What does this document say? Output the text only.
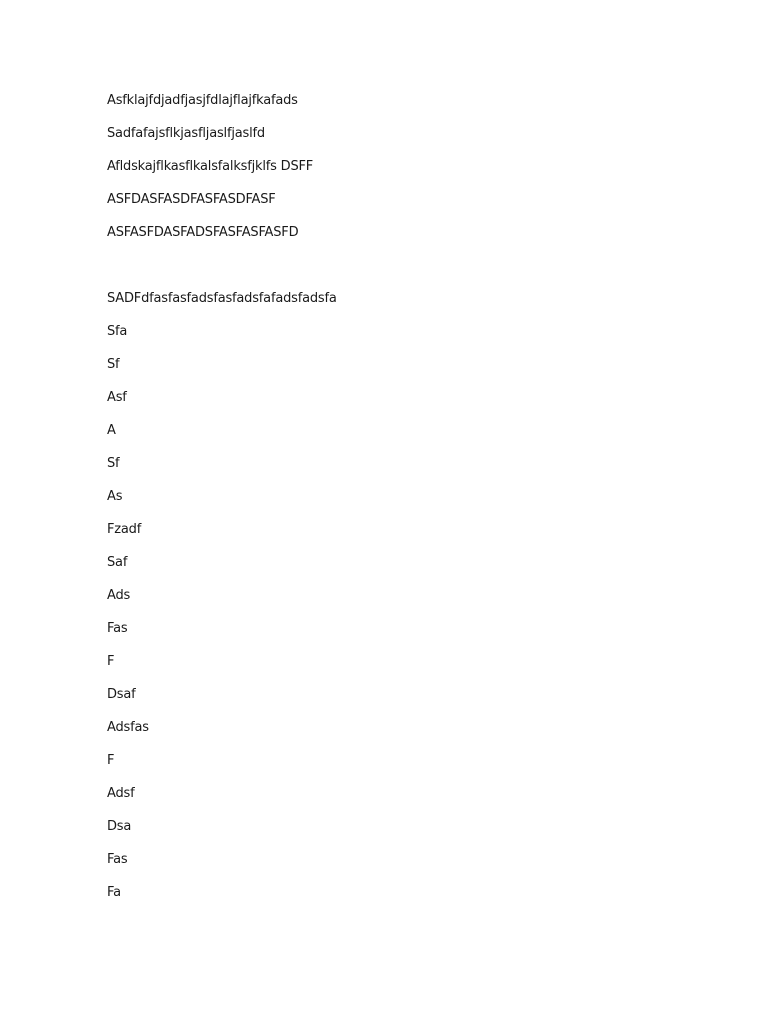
Asfklajfdjadfjasjfdlajflajfkafads
Sadfafajsflkjasfljaslfjaslfd
Afldskajflkasflkalsfalksfjklfs DSFF
ASFDASFASDFASFASDFASF
ASFASFDASFADSFASFASFASFD
SADFdfasfasfadsfasfadsfafadsfadsfa
Sfa
Sf
Asf
A
Sf
As
Fzadf
Saf
Ads
Fas
F
Dsaf
Adsfas
F
Adsf
Dsa
Fas
Fa
